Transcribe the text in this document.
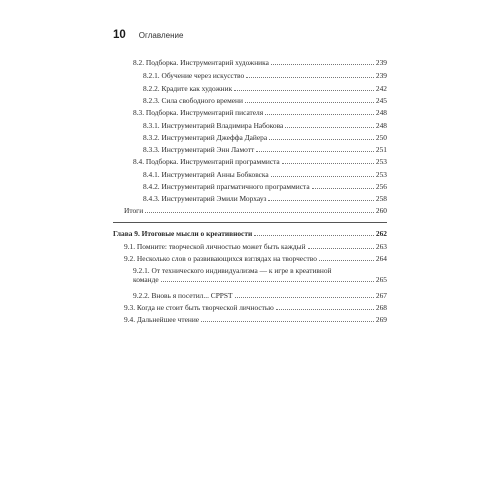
10 Оглавление
8.2. Подборка. Инструментарий художника	239
8.2.1. Обучение через искусство	239
8.2.2. Крадите как художник	242
8.2.3. Сила свободного времени	245
8.3. Подборка. Инструментарий писателя	248
8.3.1. Инструментарий Владимира Набокова	248
8.3.2. Инструментарий Джеффа Дайера	250
8.3.3. Инструментарий Энн Ламотт	251
8.4. Подборка. Инструментарий программиста	253
8.4.1. Инструментарий Анны Бобковска	253
8.4.2. Инструментарий прагматичного программиста	256
8.4.3. Инструментарий Эмили Морхауз	258
Итоги	260
Глава 9. Итоговые мысли о креативности	262
9.1. Помните: творческой личностью может быть каждый	263
9.2. Несколько слов о развивающихся взглядах на творчество	264
9.2.1. От технического индивидуализма — к игре в креативной
команде	265
9.2.2. Вновь я посетил... CPPST	267
9.3. Когда не стоит быть творческой личностью	268
9.4. Дальнейшее чтение	269
